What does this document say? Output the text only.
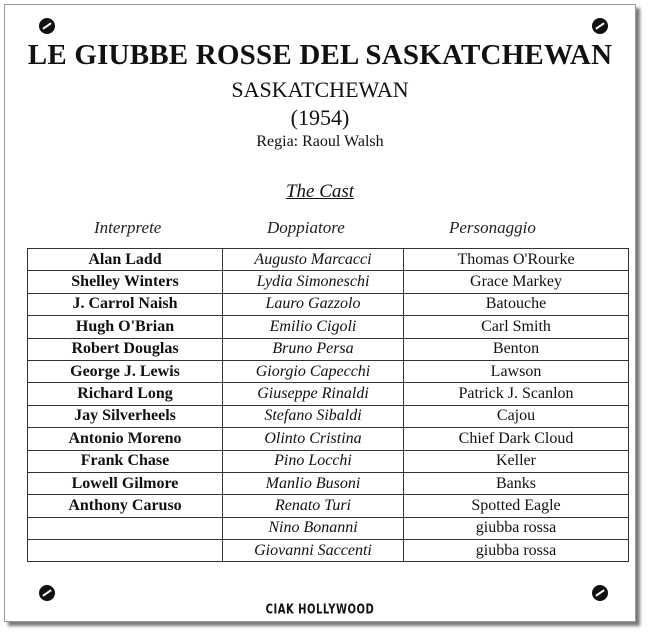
LE GIUBBE ROSSE DEL SASKATCHEWAN
SASKATCHEWAN
(1954)
Regia: Raoul Walsh
The Cast
Interprete	Doppiatore	Personaggio
Alan Ladd	Augusto Marcacci	Thomas O'Rourke
Shelley Winters	Lydia Simoneschi	Grace Markey
J. Carrol Naish	Lauro Gazzolo	Batouche
Hugh O'Brian	Emilio Cigoli	Carl Smith
Robert Douglas	Bruno Persa	Benton
George J. Lewis	Giorgio Capecchi	Lawson
Richard Long	Giuseppe Rinaldi	Patrick J. Scanlon
Jay Silverheels	Stefano Sibaldi	Cajou
Antonio Moreno	Olinto Cristina	Chief Dark Cloud
Frank Chase	Pino Locchi	Keller
Lowell Gilmore	Manlio Busoni	Banks
Anthony Caruso	Renato Turi	Spotted Eagle
	Nino Bonanni	giubba rossa
	Giovanni Saccenti	giubba rossa
CIAK HOLLYWOOD
